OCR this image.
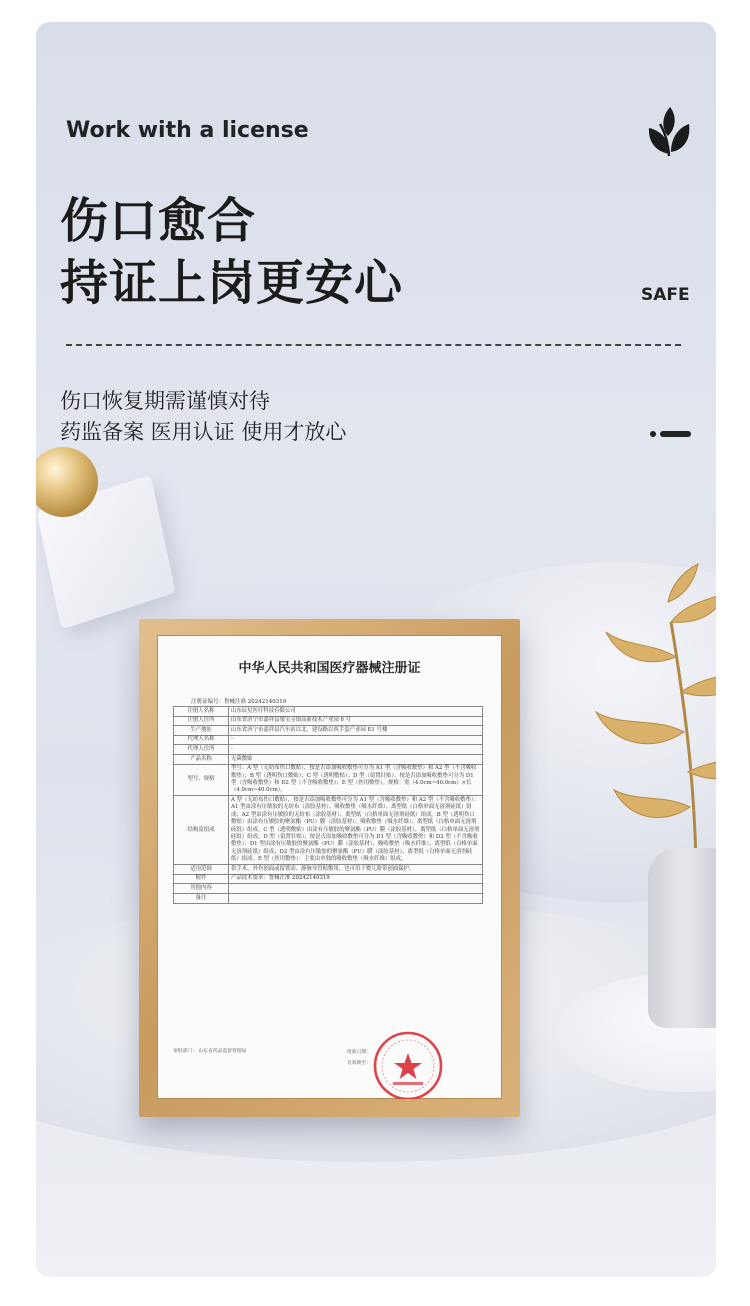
Work with a license
伤口愈合
持证上岗更安心	SAFE
伤口恢复期需谨慎对待
药监备案 医用认证 使用才放心
中华人民共和国医疗器械注册证
注册证编号：鲁械注准 20242140319
注册人名称	山东辰星医疗科技有限公司
注册人住所	山东省济宁市嘉祥县梁宝寺镇高新技术产业园 6 号
生产地址	山东省济宁市嘉祥县汽车站以北、建设路以西手套产业园 E1 号楼
代理人名称	-
代理人住所	-
产品名称	无菌敷贴
型号、规格	型号：A 型（无纺布伤口敷贴），按是否添加吸收敷垫可分为 A1 型（含吸收敷垫）和 A2 型（不含吸收敷垫）；B 型（透明伤口敷贴）；C 型（透明敷贴）；D 型（留置针贴），按是否添加吸收敷垫可分为 D1 型（含吸收敷垫）和 D2 型（不含吸收敷垫）；E 型（医用敷垫）。规格：宽（4.0cm~40.0cm）×长（4.0cm~40.0cm）。
结构及组成	A 型（无纺布伤口敷贴），按是否添加吸收敷垫可分为 A1 型（含吸收敷垫）和 A2 型（不含吸收敷垫）：A1 型由涂有压敏胶的无纺布（涂胶基材）、吸收敷垫（吸水纤维）、离型纸（白格单面无溶剂硅纸）组成；A2 型由涂有压敏胶的无纺布（涂胶基材）、离型纸（白格单面无溶剂硅纸）组成。B 型（透明伤口敷贴）由涂有压敏胶的聚氨酯（PU）膜（涂胶基材）、吸收敷垫（吸水纤维）、离型纸（白格单面无溶剂硅纸）组成。C 型（透明敷贴）由涂有压敏胶的聚氨酯（PU）膜（涂胶基材）、离型纸（白格单面无溶剂硅纸）组成。D 型（留置针贴），按是否添加吸收敷垫可分为 D1 型（含吸收敷垫）和 D2 型（不含吸收敷垫）：D1 型由涂有压敏胶的聚氨酯（PU）膜（涂胶基材）、吸收敷垫（吸水纤维）、离型纸（白格单面无溶剂硅纸）组成；D2 型由涂有压敏胶的聚氨酯（PU）膜（涂胶基材）、离型纸（白格单面无溶剂硅纸）组成。E 型（医用敷垫）：主要由单独的吸收敷垫（吸水纤维）组成。
适用范围	供手术、外伤创面或留置动、静脉导管贴敷用，也可用于婴儿脐带创面保护。
附件	产品技术要求：鲁械注准 20242140319
其他内容	
备注	
审批部门： 山东省药品监督管理局	批准日期：
有效期至：
